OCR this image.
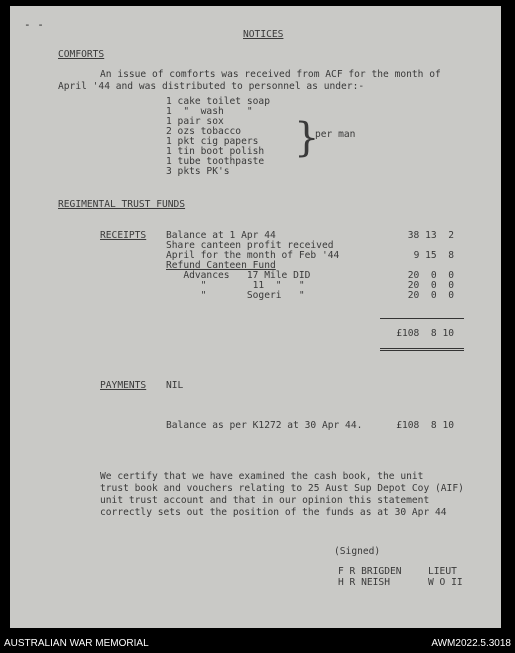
- -
NOTICES
COMFORTS
An issue of comforts was received from ACF for the month of
April '44 and was distributed to personnel as under:-
1 cake toilet soap
1  "  wash    "
1 pair sox
2 ozs tobacco
1 pkt cig papers
1 tin boot polish
1 tube toothpaste
3 pkts PK's
}
per man
REGIMENTAL TRUST FUNDS
RECEIPTS Balance at 1 Apr 44	38 13  2
Share canteen profit received
April for the month of Feb '44	9 15  8
Refund Canteen Fund
Advances   17 Mile DID	20  0  0
"        11  "   "	20  0  0
"       Sogeri   "	20  0  0
£108  8 10
PAYMENTS NIL
Balance as per K1272 at 30 Apr 44.	£108  8 10
We certify that we have examined the cash book, the unit
trust book and vouchers relating to 25 Aust Sup Depot Coy (AIF)
unit trust account and that in our opinion this statement
correctly sets out the position of the funds as at 30 Apr 44
(Signed)
F R BRIGDEN	LIEUT
H R NEISH	W O II
AUSTRALIAN WAR MEMORIAL	AWM2022.5.3018
